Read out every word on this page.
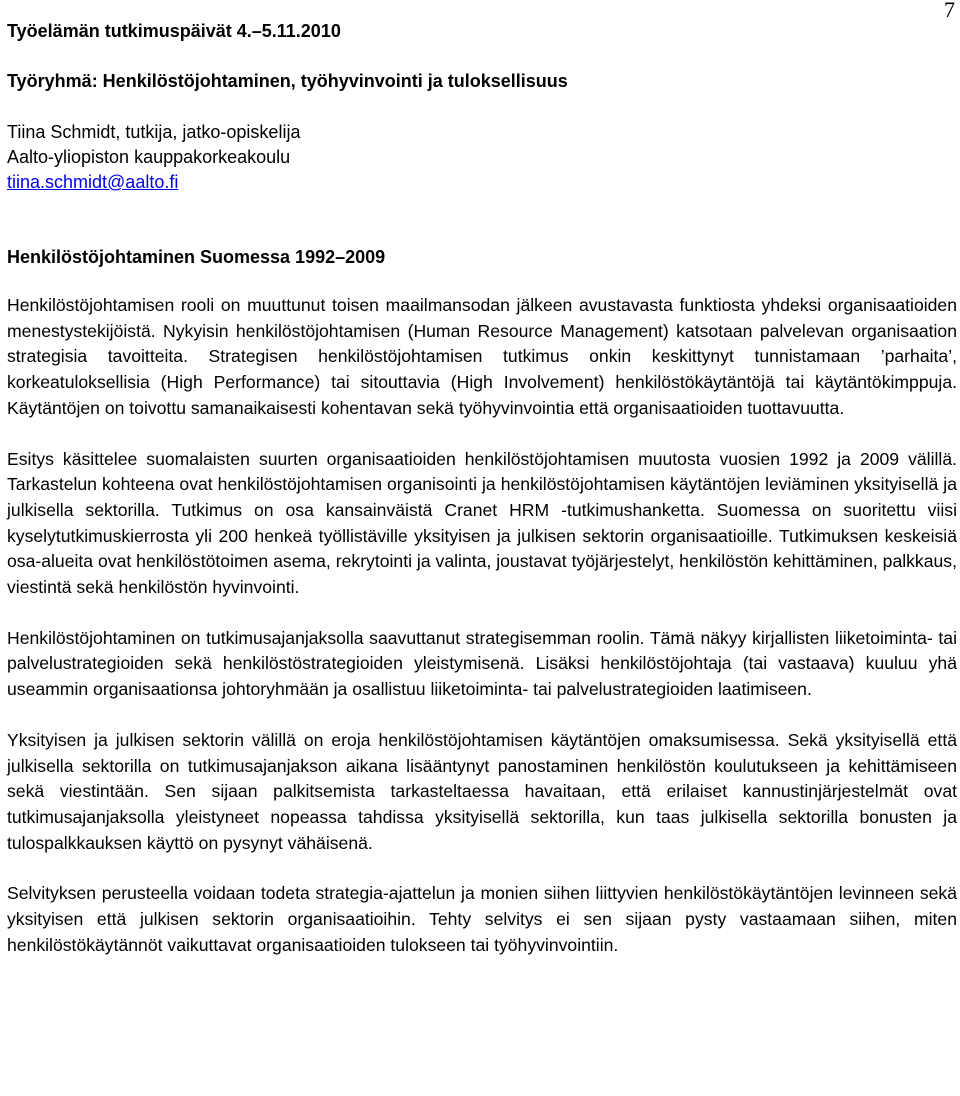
7
Työelämän tutkimuspäivät 4.–5.11.2010
Työryhmä: Henkilöstöjohtaminen, työhyvinvointi ja tuloksellisuus
Tiina Schmidt, tutkija, jatko-opiskelija
Aalto-yliopiston kauppakorkeakoulu
tiina.schmidt@aalto.fi
Henkilöstöjohtaminen Suomessa 1992–2009

Henkilöstöjohtamisen rooli on muuttunut toisen maailmansodan jälkeen avustavasta funktiosta yhdeksi organisaatioiden menestystekijöistä. Nykyisin henkilöstöjohtamisen (Human Resource Management) katsotaan palvelevan organisaation strategisia tavoitteita. Strategisen henkilöstöjohtamisen tutkimus onkin keskittynyt tunnistamaan ’parhaita’, korkeatuloksellisia (High Performance) tai sitouttavia (High Involvement) henkilöstökäytäntöjä tai käytäntökimppuja. Käytäntöjen on toivottu samanaikaisesti kohentavan sekä työhyvinvointia että organisaatioiden tuottavuutta.

Esitys käsittelee suomalaisten suurten organisaatioiden henkilöstöjohtamisen muutosta vuosien 1992 ja 2009 välillä. Tarkastelun kohteena ovat henkilöstöjohtamisen organisointi ja henkilöstöjohtamisen käytäntöjen leviäminen yksityisellä ja julkisella sektorilla. Tutkimus on osa kansainväistä Cranet HRM -tutkimushanketta. Suomessa on suoritettu viisi kyselytutkimuskierrosta yli 200 henkeä työllistäville yksityisen ja julkisen sektorin organisaatioille. Tutkimuksen keskeisiä osa-alueita ovat henkilöstötoimen asema, rekrytointi ja valinta, joustavat työjärjestelyt, henkilöstön kehittäminen, palkkaus, viestintä sekä henkilöstön hyvinvointi.

Henkilöstöjohtaminen on tutkimusajanjaksolla saavuttanut strategisemman roolin. Tämä näkyy kirjallisten liiketoiminta- tai palvelustrategioiden sekä henkilöstöstrategioiden yleistymisenä. Lisäksi henkilöstöjohtaja (tai vastaava) kuuluu yhä useammin organisaationsa johtoryhmään ja osallistuu liiketoiminta- tai palvelustrategioiden laatimiseen.

Yksityisen ja julkisen sektorin välillä on eroja henkilöstöjohtamisen käytäntöjen omaksumisessa. Sekä yksityisellä että julkisella sektorilla on tutkimusajanjakson aikana lisääntynyt panostaminen henkilöstön koulutukseen ja kehittämiseen sekä viestintään. Sen sijaan palkitsemista tarkasteltaessa havaitaan, että erilaiset kannustinjärjestelmät ovat tutkimusajanjaksolla yleistyneet nopeassa tahdissa yksityisellä sektorilla, kun taas julkisella sektorilla bonusten ja tulospalkkauksen käyttö on pysynyt vähäisenä.

Selvityksen perusteella voidaan todeta strategia-ajattelun ja monien siihen liittyvien henkilöstökäytäntöjen levinneen sekä yksityisen että julkisen sektorin organisaatioihin. Tehty selvitys ei sen sijaan pysty vastaamaan siihen, miten henkilöstökäytännöt vaikuttavat organisaatioiden tulokseen tai työhyvinvointiin.
